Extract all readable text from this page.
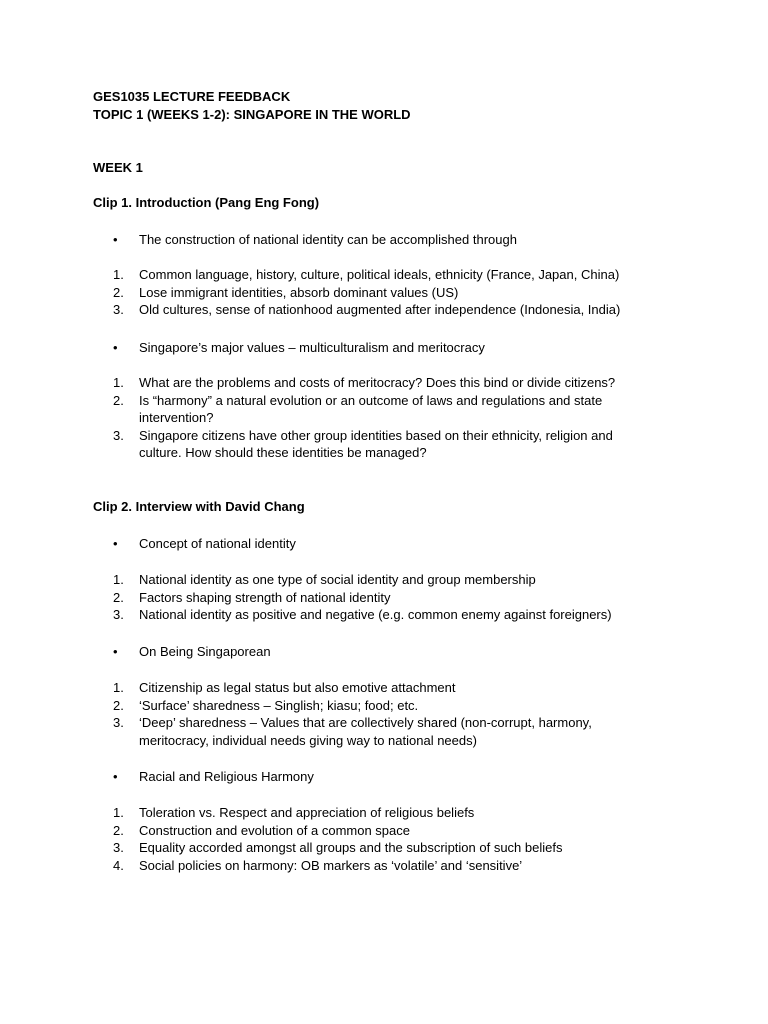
GES1035 LECTURE FEEDBACK
TOPIC 1 (WEEKS 1-2): SINGAPORE IN THE WORLD
WEEK 1
Clip 1. Introduction (Pang Eng Fong)
•	The construction of national identity can be accomplished through
1. Common language, history, culture, political ideals, ethnicity (France, Japan, China)
2. Lose immigrant identities, absorb dominant values (US)
3. Old cultures, sense of nationhood augmented after independence (Indonesia, India)
•	Singapore’s major values – multiculturalism and meritocracy
1. What are the problems and costs of meritocracy? Does this bind or divide citizens?
2. Is “harmony” a natural evolution or an outcome of laws and regulations and state
intervention?
3. Singapore citizens have other group identities based on their ethnicity, religion and
culture. How should these identities be managed?
Clip 2. Interview with David Chang
•	Concept of national identity
1. National identity as one type of social identity and group membership
2. Factors shaping strength of national identity
3. National identity as positive and negative (e.g. common enemy against foreigners)
•	On Being Singaporean
1. Citizenship as legal status but also emotive attachment
2. ‘Surface’ sharedness – Singlish; kiasu; food; etc.
3. ‘Deep’ sharedness – Values that are collectively shared (non-corrupt, harmony,
meritocracy, individual needs giving way to national needs)
•	Racial and Religious Harmony
1. Toleration vs. Respect and appreciation of religious beliefs
2. Construction and evolution of a common space
3. Equality accorded amongst all groups and the subscription of such beliefs
4. Social policies on harmony: OB markers as ‘volatile’ and ‘sensitive’
